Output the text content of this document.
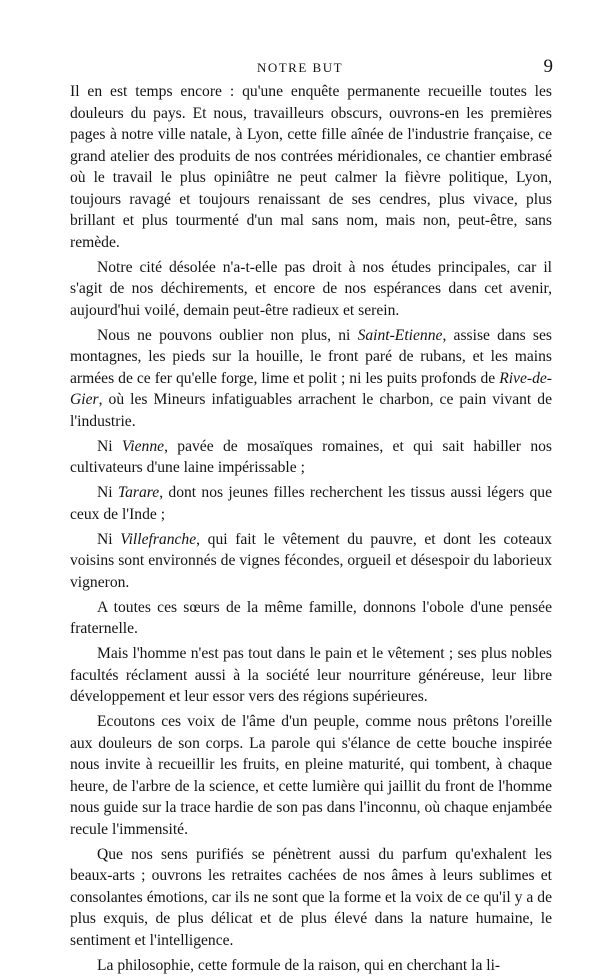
NOTRE BUT	9

Il en est temps encore : qu'une enquête permanente recueille toutes les douleurs du pays. Et nous, travailleurs obscurs, ouvrons-en les premières pages à notre ville natale, à Lyon, cette fille aînée de l'industrie française, ce grand atelier des produits de nos contrées méridionales, ce chantier embrasé où le travail le plus opiniâtre ne peut calmer la fièvre politique, Lyon, toujours ravagé et toujours renaissant de ses cendres, plus vivace, plus brillant et plus tourmenté d'un mal sans nom, mais non, peut-être, sans remède.

Notre cité désolée n'a-t-elle pas droit à nos études principales, car il s'agit de nos déchirements, et encore de nos espérances dans cet avenir, aujourd'hui voilé, demain peut-être radieux et serein.

Nous ne pouvons oublier non plus, ni Saint-Etienne, assise dans ses montagnes, les pieds sur la houille, le front paré de rubans, et les mains armées de ce fer qu'elle forge, lime et polit ; ni les puits profonds de Rive-de-Gier, où les Mineurs infatiguables arrachent le charbon, ce pain vivant de l'industrie.

Ni Vienne, pavée de mosaïques romaines, et qui sait habiller nos cultivateurs d'une laine impérissable ;

Ni Tarare, dont nos jeunes filles recherchent les tissus aussi légers que ceux de l'Inde ;

Ni Villefranche, qui fait le vêtement du pauvre, et dont les coteaux voisins sont environnés de vignes fécondes, orgueil et désespoir du laborieux vigneron.

A toutes ces sœurs de la même famille, donnons l'obole d'une pensée fraternelle.

Mais l'homme n'est pas tout dans le pain et le vêtement ; ses plus nobles facultés réclament aussi à la société leur nourriture généreuse, leur libre développement et leur essor vers des régions supérieures.

Ecoutons ces voix de l'âme d'un peuple, comme nous prêtons l'oreille aux douleurs de son corps. La parole qui s'élance de cette bouche inspirée nous invite à recueillir les fruits, en pleine maturité, qui tombent, à chaque heure, de l'arbre de la science, et cette lumière qui jaillit du front de l'homme nous guide sur la trace hardie de son pas dans l'inconnu, où chaque enjambée recule l'immensité.

Que nos sens purifiés se pénètrent aussi du parfum qu'exhalent les beaux-arts ; ouvrons les retraites cachées de nos âmes à leurs sublimes et consolantes émotions, car ils ne sont que la forme et la voix de ce qu'il y a de plus exquis, de plus délicat et de plus élevé dans la nature humaine, le sentiment et l'intelligence.

La philosophie, cette formule de la raison, qui en cherchant la li-
